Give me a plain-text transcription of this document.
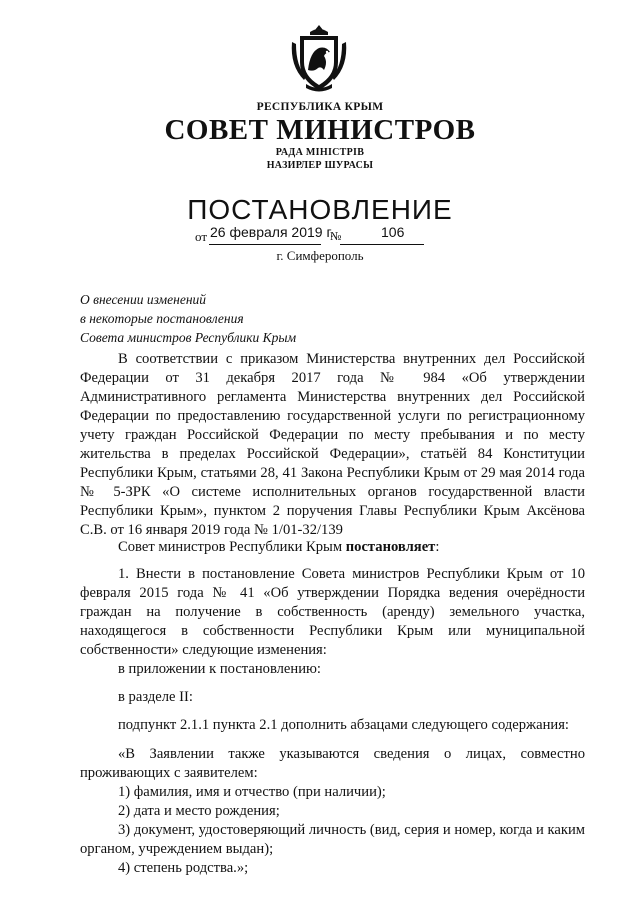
РЕСПУБЛИКА КРЫМ
СОВЕТ МИНИСТРОВ
РАДА МІНІСТРІВ
НАЗИРЛЕР ШУРАСЫ
ПОСТАНОВЛЕНИЕ
от 26 февраля 2019 г.
№	106
г. Симферополь
О внесении изменений
в некоторые постановления
Совета министров Республики Крым

В соответствии с приказом Министерства внутренних дел Российской Федерации от 31 декабря 2017 года № 984 «Об утверждении Административного регламента Министерства внутренних дел Российской Федерации по предоставлению государственной услуги по регистрационному учету граждан Российской Федерации по месту пребывания и по месту жительства в пределах Российской Федерации», статьёй 84 Конституции Республики Крым, статьями 28, 41 Закона Республики Крым от 29 мая 2014 года № 5-ЗРК «О системе исполнительных органов государственной власти Республики Крым», пунктом 2 поручения Главы Республики Крым Аксёнова С.В. от 16 января 2019 года № 1/01-32/139

Совет министров Республики Крым постановляет:

1. Внести в постановление Совета министров Республики Крым от 10 февраля 2015 года № 41 «Об утверждении Порядка ведения очерёдности граждан на получение в собственность (аренду) земельного участка, находящегося в собственности Республики Крым или муниципальной собственности» следующие изменения:

в приложении к постановлению:

в разделе II:

подпункт 2.1.1 пункта 2.1 дополнить абзацами следующего содержания:

«В Заявлении также указываются сведения о лицах, совместно проживающих с заявителем:

1) фамилия, имя и отчество (при наличии);

2) дата и место рождения;

3) документ, удостоверяющий личность (вид, серия и номер, когда и каким органом, учреждением выдан);

4) степень родства.»;
